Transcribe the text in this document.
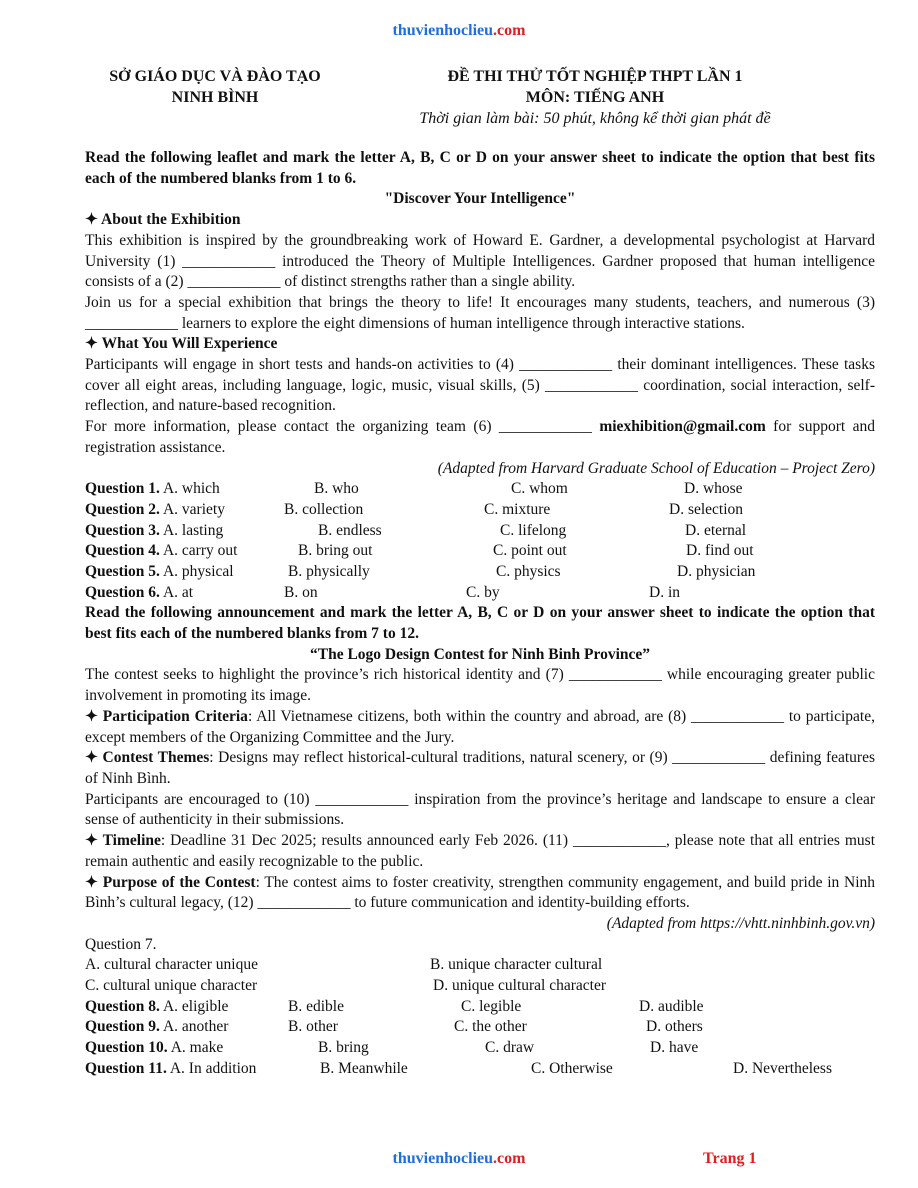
thuvienhoclieu.com
SỞ GIÁO DỤC VÀ ĐÀO TẠO
NINH BÌNH
ĐỀ THI THỬ TỐT NGHIỆP THPT LẦN 1
MÔN: TIẾNG ANH
Thời gian làm bài: 50 phút, không kể thời gian phát đề

Read the following leaflet and mark the letter A, B, C or D on your answer sheet to indicate the option that best fits each of the numbered blanks from 1 to 6.

"Discover Your Intelligence"

✦ About the Exhibition

This exhibition is inspired by the groundbreaking work of Howard E. Gardner, a developmental psychologist at Harvard University (1) ____________ introduced the Theory of Multiple Intelligences. Gardner proposed that human intelligence consists of a (2) ____________ of distinct strengths rather than a single ability.

Join us for a special exhibition that brings the theory to life! It encourages many students, teachers, and numerous (3) ____________ learners to explore the eight dimensions of human intelligence through interactive stations.

✦ What You Will Experience

Participants will engage in short tests and hands-on activities to (4) ____________ their dominant intelligences. These tasks cover all eight areas, including language, logic, music, visual skills, (5) ____________ coordination, social interaction, self-reflection, and nature-based recognition.

For more information, please contact the organizing team (6) ____________ miexhibition@gmail.com for support and registration assistance.

(Adapted from Harvard Graduate School of Education – Project Zero)

Question 1. A. which	B. who	C. whom	D. whose
Question 2. A. variety	B. collection	C. mixture	D. selection
Question 3. A. lasting	B. endless	C. lifelong	D. eternal
Question 4. A. carry out	B. bring out	C. point out	D. find out
Question 5. A. physical	B. physically	C. physics	D. physician
Question 6. A. at	B. on	C. by	D. in

Read the following announcement and mark the letter A, B, C or D on your answer sheet to indicate the option that best fits each of the numbered blanks from 7 to 12.

“The Logo Design Contest for Ninh Binh Province”

The contest seeks to highlight the province’s rich historical identity and (7) ____________ while encouraging greater public involvement in promoting its image.

✦ Participation Criteria: All Vietnamese citizens, both within the country and abroad, are (8) ____________ to participate, except members of the Organizing Committee and the Jury.

✦ Contest Themes: Designs may reflect historical-cultural traditions, natural scenery, or (9) ____________ defining features of Ninh Bình.

Participants are encouraged to (10) ____________ inspiration from the province’s heritage and landscape to ensure a clear sense of authenticity in their submissions.

✦ Timeline: Deadline 31 Dec 2025; results announced early Feb 2026. (11) ____________, please note that all entries must remain authentic and easily recognizable to the public.

✦ Purpose of the Contest: The contest aims to foster creativity, strengthen community engagement, and build pride in Ninh Bình’s cultural legacy, (12) ____________ to future communication and identity-building efforts.

(Adapted from https://vhtt.ninhbinh.gov.vn)

Question 7.

A. cultural character unique	B. unique character cultural
C. cultural unique character	D. unique cultural character
Question 8. A. eligible	B. edible	C. legible	D. audible
Question 9. A. another	B. other	C. the other	D. others
Question 10. A. make	B. bring	C. draw	D. have
Question 11. A. In addition	B. Meanwhile	C. Otherwise	D. Nevertheless
thuvienhoclieu.com	Trang 1
